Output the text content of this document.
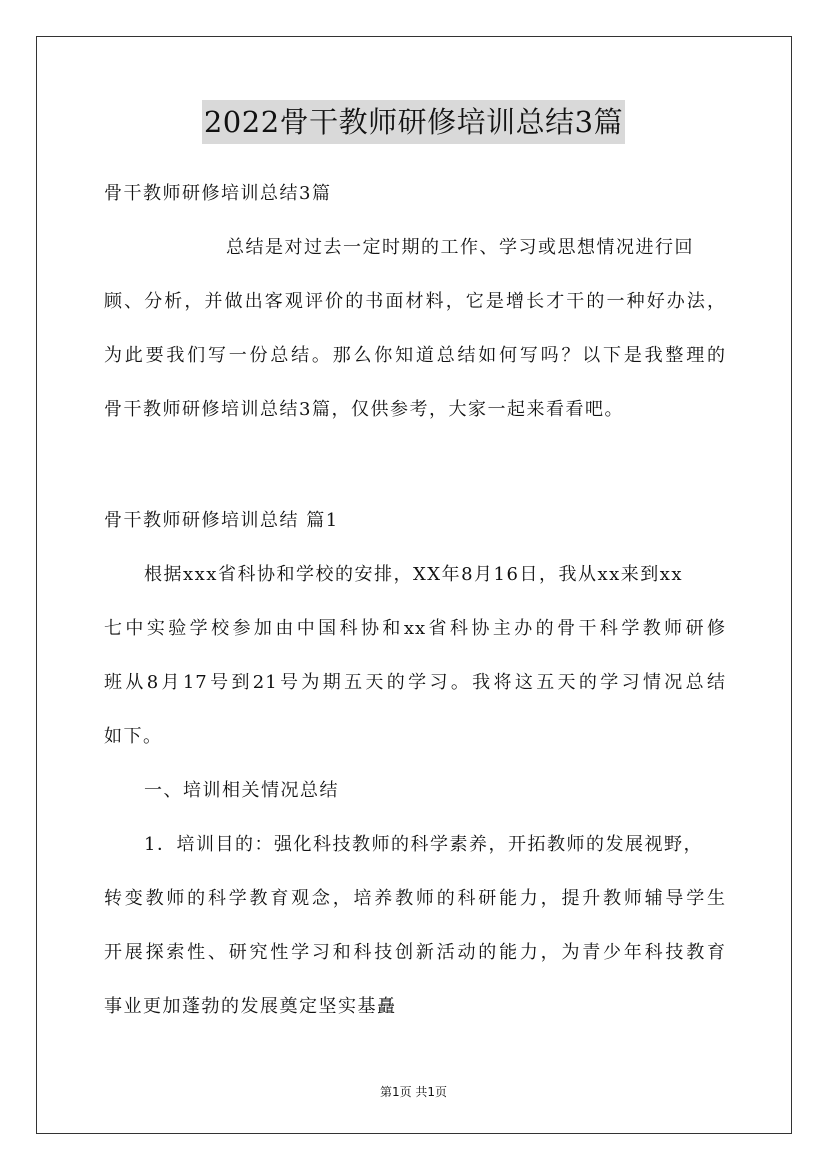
2022骨干教师研修培训总结3篇
骨干教师研修培训总结3篇
总结是对过去一定时期的工作、学习或思想情况进行回
顾、分析，并做出客观评价的书面材料，它是增长才干的一种好办法，
为此要我们写一份总结。那么你知道总结如何写吗？以下是我整理的
骨干教师研修培训总结3篇，仅供参考，大家一起来看看吧。
骨干教师研修培训总结 篇1
根据xxx省科协和学校的安排，XX年8月16日，我从xx来到xx
七中实验学校参加由中国科协和xx省科协主办的骨干科学教师研修
班从8月17号到21号为期五天的学习。我将这五天的学习情况总结
如下。
一、培训相关情况总结
1．培训目的：强化科技教师的科学素养，开拓教师的发展视野，
转变教师的科学教育观念，培养教师的科研能力，提升教师辅导学生
开展探索性、研究性学习和科技创新活动的能力，为青少年科技教育
事业更加蓬勃的发展奠定坚实基矗
第1页 共1页
